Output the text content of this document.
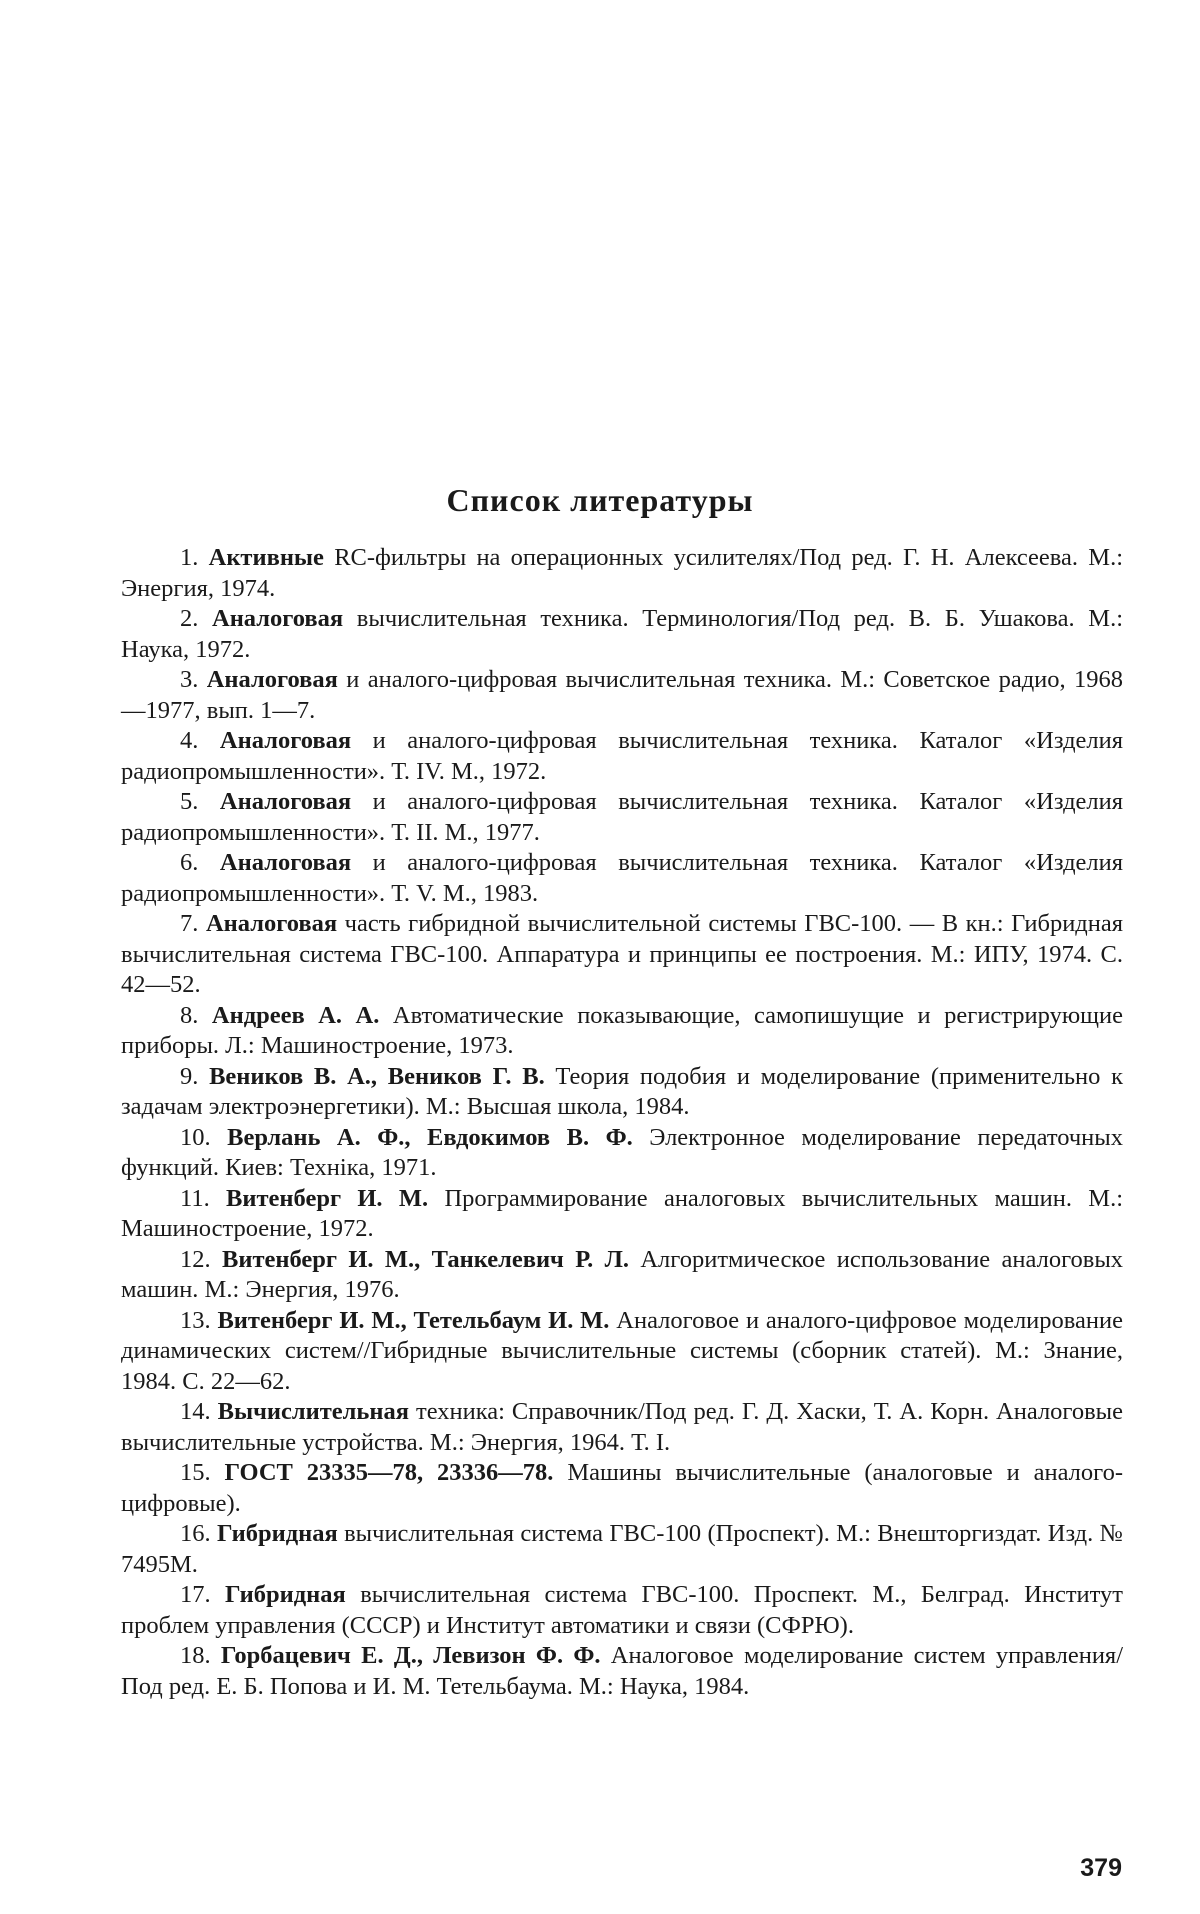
Список литературы

1. Активные RC-фильтры на операционных усилителях/Под ред. Г. Н. Алексеева. М.: Энергия, 1974.

2. Аналоговая вычислительная техника. Терминология/Под ред. В. Б. Ушакова. М.: Наука, 1972.

3. Аналоговая и аналого-цифровая вычислительная техника. М.: Советское радио, 1968—1977, вып. 1—7.

4. Аналоговая и аналого-цифровая вычислительная техника. Каталог «Изделия радиопромышленности». Т. IV. М., 1972.

5. Аналоговая и аналого-цифровая вычислительная техника. Каталог «Изделия радиопромышленности». Т. II. М., 1977.

6. Аналоговая и аналого-цифровая вычислительная техника. Каталог «Изделия радиопромышленности». Т. V. М., 1983.

7. Аналоговая часть гибридной вычислительной системы ГВС-100. — В кн.: Гибридная вычислительная система ГВС-100. Аппаратура и принципы ее построения. М.: ИПУ, 1974. С. 42—52.

8. Андреев А. А. Автоматические показывающие, самопишущие и регистрирующие приборы. Л.: Машиностроение, 1973.

9. Веников В. А., Веников Г. В. Теория подобия и моделирование (применительно к задачам электроэнергетики). М.: Высшая школа, 1984.

10. Верлань А. Ф., Евдокимов В. Ф. Электронное моделирование передаточных функций. Киев: Технiка, 1971.

11. Витенберг И. М. Программирование аналоговых вычислительных машин. М.: Машиностроение, 1972.

12. Витенберг И. М., Танкелевич Р. Л. Алгоритмическое использование аналоговых машин. М.: Энергия, 1976.

13. Витенберг И. М., Тетельбаум И. М. Аналоговое и аналого-цифровое моделирование динамических систем//Гибридные вычислительные системы (сборник статей). М.: Знание, 1984. С. 22—62.

14. Вычислительная техника: Справочник/Под ред. Г. Д. Хаски, Т. А. Корн. Аналоговые вычислительные устройства. М.: Энергия, 1964. Т. I.

15. ГОСТ 23335—78, 23336—78. Машины вычислительные (аналоговые и аналого-цифровые).

16. Гибридная вычислительная система ГВС-100 (Проспект). М.: Внешторгиздат. Изд. № 7495М.

17. Гибридная вычислительная система ГВС-100. Проспект. М., Белград. Институт проблем управления (СССР) и Институт автоматики и связи (СФРЮ).

18. Горбацевич Е. Д., Левизон Ф. Ф. Аналоговое моделирование систем управления/Под ред. Е. Б. Попова и И. М. Тетельбаума. М.: Наука, 1984.

379
